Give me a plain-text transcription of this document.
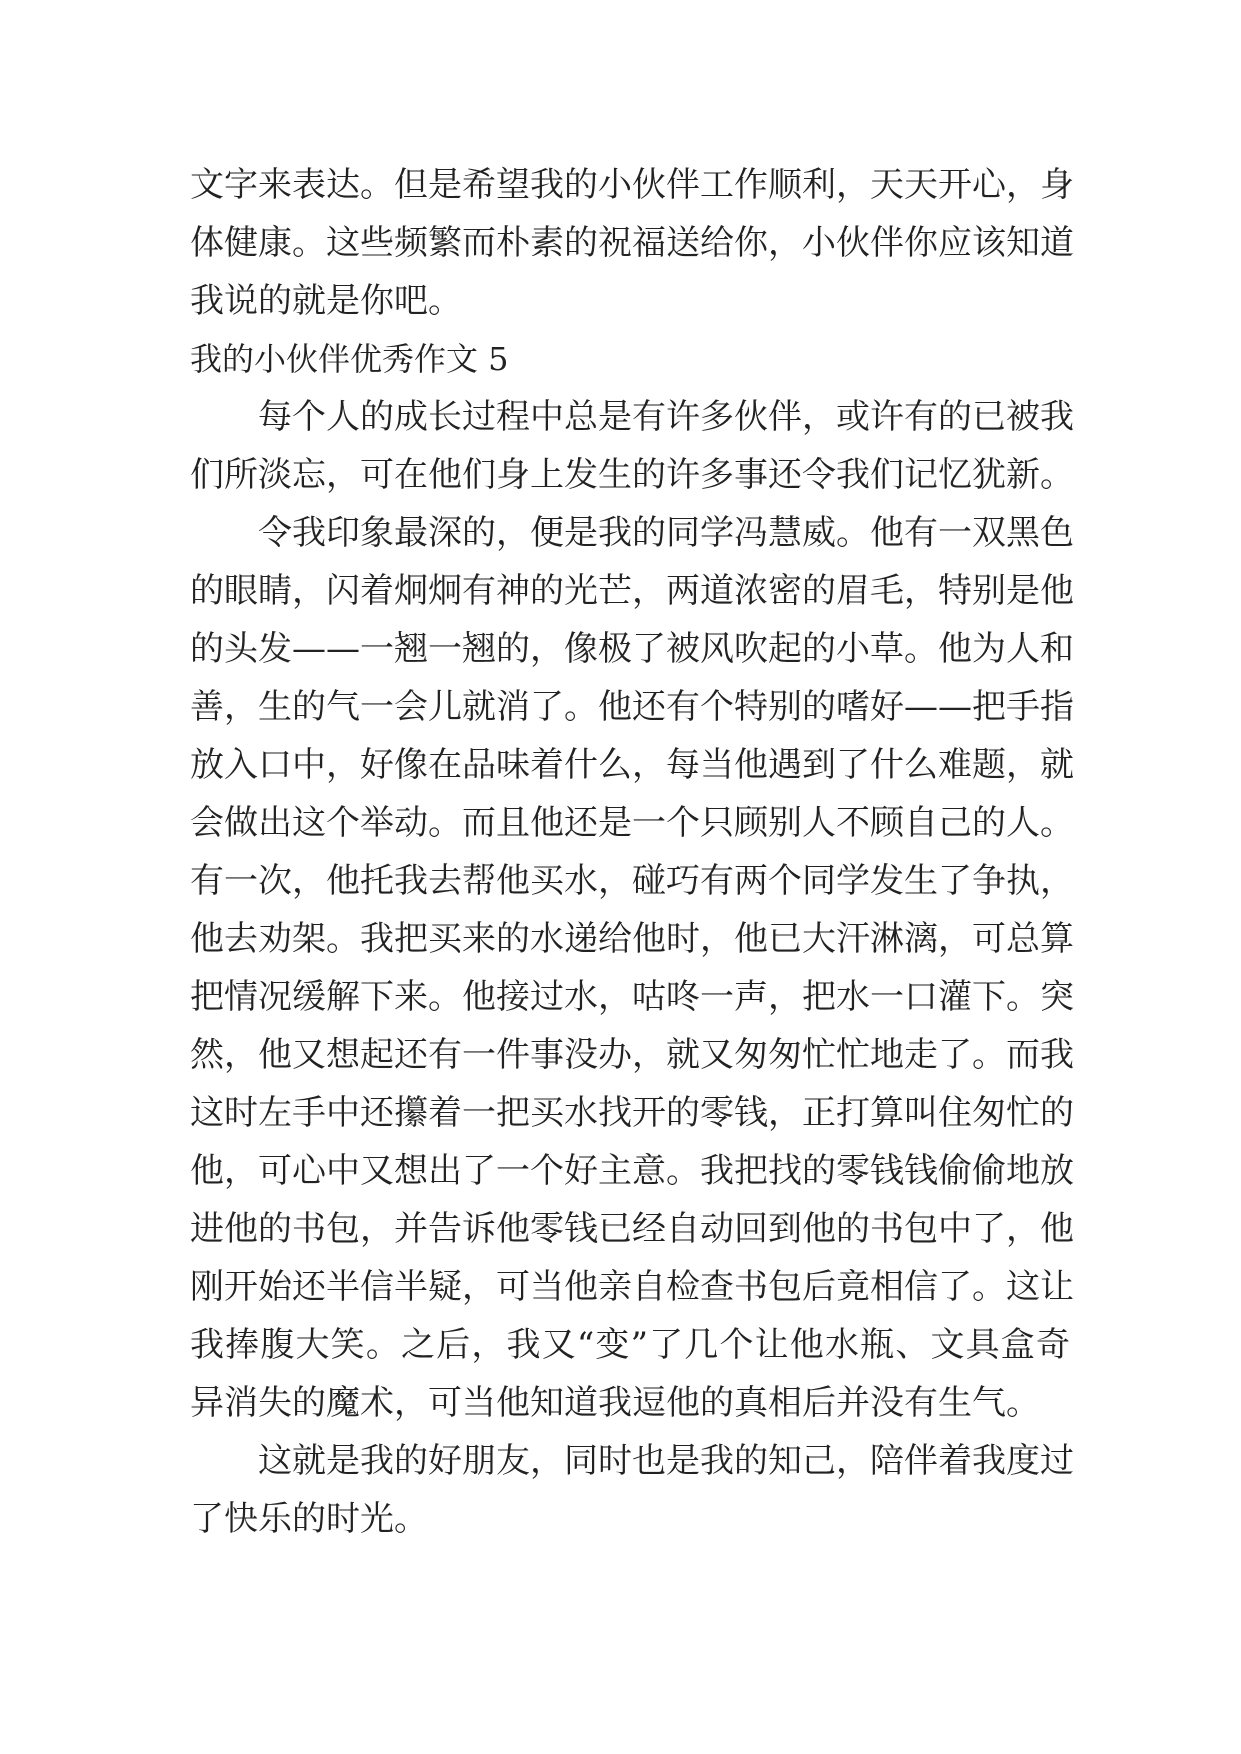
文字来表达。但是希望我的小伙伴工作顺利，天天开心，身
体健康。这些频繁而朴素的祝福送给你，小伙伴你应该知道
我说的就是你吧。
我的小伙伴优秀作文 5
每个人的成长过程中总是有许多伙伴，或许有的已被我
们所淡忘，可在他们身上发生的许多事还令我们记忆犹新。
令我印象最深的，便是我的同学冯慧威。他有一双黑色
的眼睛，闪着炯炯有神的光芒，两道浓密的眉毛，特别是他
的头发——一翘一翘的，像极了被风吹起的小草。他为人和
善，生的气一会儿就消了。他还有个特别的嗜好——把手指
放入口中，好像在品味着什么，每当他遇到了什么难题，就
会做出这个举动。而且他还是一个只顾别人不顾自己的人。
有一次，他托我去帮他买水，碰巧有两个同学发生了争执，
他去劝架。我把买来的水递给他时，他已大汗淋漓，可总算
把情况缓解下来。他接过水，咕咚一声，把水一口灌下。突
然，他又想起还有一件事没办，就又匆匆忙忙地走了。而我
这时左手中还攥着一把买水找开的零钱，正打算叫住匆忙的
他，可心中又想出了一个好主意。我把找的零钱钱偷偷地放
进他的书包，并告诉他零钱已经自动回到他的书包中了，他
刚开始还半信半疑，可当他亲自检查书包后竟相信了。这让
我捧腹大笑。之后，我又“变”了几个让他水瓶、文具盒奇
异消失的魔术，可当他知道我逗他的真相后并没有生气。
这就是我的好朋友，同时也是我的知己，陪伴着我度过
了快乐的时光。
